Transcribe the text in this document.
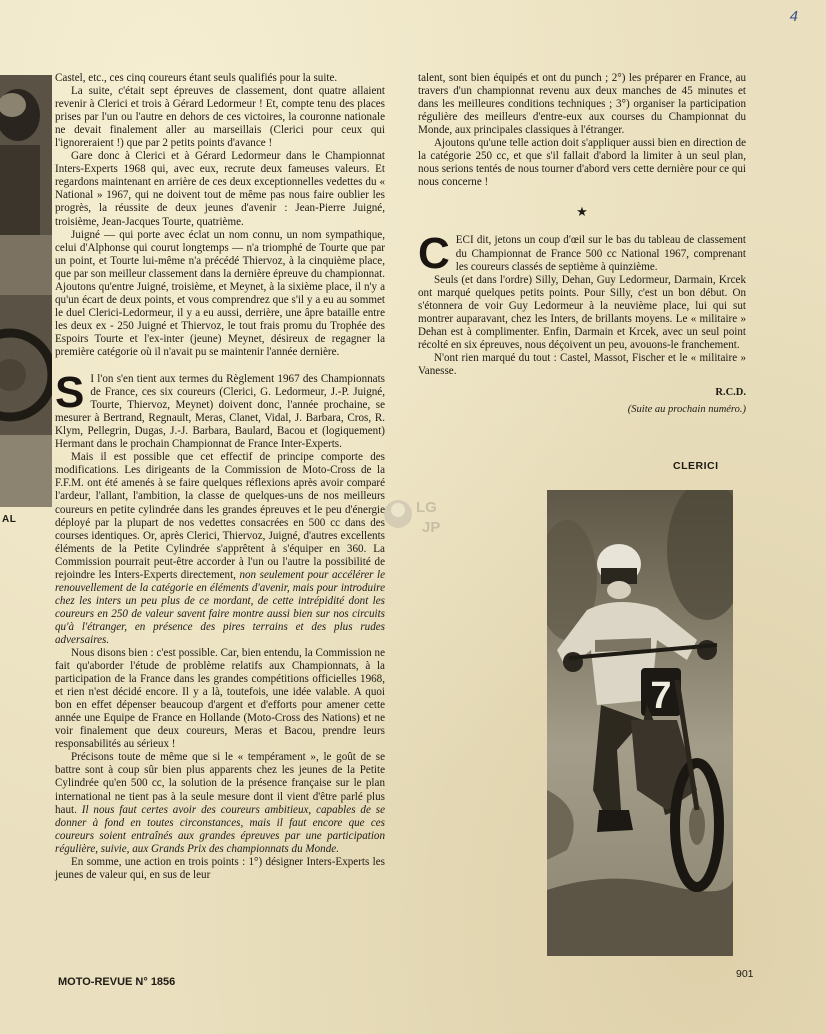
4
AL

Castel, etc., ces cinq coureurs étant seuls qualifiés pour la suite.

La suite, c'était sept épreuves de classement, dont quatre allaient revenir à Clerici et trois à Gérard Ledormeur ! Et, compte tenu des places prises par l'un ou l'autre en dehors de ces victoires, la couronne nationale ne devait finalement aller au marseillais (Clerici pour ceux qui l'ignoreraient !) que par 2 petits points d'avance !

Gare donc à Clerici et à Gérard Ledormeur dans le Championnat Inters-Experts 1968 qui, avec eux, recrute deux fameuses valeurs. Et regardons maintenant en arrière de ces deux exceptionnelles vedettes du « National » 1967, qui ne doivent tout de même pas nous faire oublier les progrès, la réussite de deux jeunes d'avenir : Jean-Pierre Juigné, troisième, Jean-Jacques Tourte, quatrième.

Juigné — qui porte avec éclat un nom connu, un nom sympathique, celui d'Alphonse qui courut longtemps — n'a triomphé de Tourte que par un point, et Tourte lui-même n'a précédé Thiervoz, à la cinquième place, que par son meilleur classement dans la dernière épreuve du championnat. Ajoutons qu'entre Juigné, troisième, et Meynet, à la sixième place, il n'y a qu'un écart de deux points, et vous comprendrez que s'il y a eu au sommet le duel Clerici-Ledormeur, il y a eu aussi, derrière, une âpre bataille entre les deux ex - 250 Juigné et Thiervoz, le tout frais promu du Trophée des Espoirs Tourte et l'ex-inter (jeune) Meynet, désireux de regagner la première catégorie où il n'avait pu se maintenir l'année dernière.

S I l'on s'en tient aux termes du Règlement 1967 des Championnats de France, ces six coureurs (Clerici, G. Ledormeur, J.-P. Juigné, Tourte, Thiervoz, Meynet) doivent donc, l'année prochaine, se mesurer à Bertrand, Regnault, Meras, Clanet, Vidal, J. Barbara, Cros, R. Klym, Pellegrin, Dugas, J.-J. Barbara, Baulard, Bacou et (logiquement) Hermant dans le prochain Championnat de France Inter-Experts.

Mais il est possible que cet effectif de principe comporte des modifications. Les dirigeants de la Commission de Moto-Cross de la F.F.M. ont été amenés à se faire quelques réflexions après avoir comparé l'ardeur, l'allant, l'ambition, la classe de quelques-uns de nos meilleurs coureurs en petite cylindrée dans les grandes épreuves et le peu d'énergie déployé par la plupart de nos vedettes consacrées en 500 cc dans des courses identiques. Or, après Clerici, Thiervoz, Juigné, d'autres excellents éléments de la Petite Cylindrée s'apprêtent à s'équiper en 360. La Commission pourrait peut-être accorder à l'un ou l'autre la possibilité de rejoindre les Inters-Experts directement, non seulement pour accélérer le renouvellement de la catégorie en éléments d'avenir, mais pour introduire chez les inters un peu plus de ce mordant, de cette intrépidité dont les coureurs en 250 de valeur savent faire montre aussi bien sur nos circuits qu'à l'étranger, en présence des pires terrains et des plus rudes adversaires.

Nous disons bien : c'est possible. Car, bien entendu, la Commission ne fait qu'aborder l'étude de problème relatifs aux Championnats, à la participation de la France dans les grandes compétitions officielles 1968, et rien n'est décidé encore. Il y a là, toutefois, une idée valable. A quoi bon en effet dépenser beaucoup d'argent et d'efforts pour amener cette année une Equipe de France en Hollande (Moto-Cross des Nations) et ne voir finalement que deux coureurs, Meras et Bacou, prendre leurs responsabilités au sérieux !

Précisons toute de même que si le « tempérament », le goût de se battre sont à coup sûr bien plus apparents chez les jeunes de la Petite Cylindrée qu'en 500 cc, la solution de la présence française sur le plan international ne tient pas à la seule mesure dont il vient d'être parlé plus haut. Il nous faut certes avoir des coureurs ambitieux, capables de se donner à fond en toutes circonstances, mais il faut encore que ces coureurs soient entraînés aux grandes épreuves par une participation régulière, suivie, aux Grands Prix des championnats du Monde.

En somme, une action en trois points : 1°) désigner Inters-Experts les jeunes de valeur qui, en sus de leur

talent, sont bien équipés et ont du punch ; 2°) les préparer en France, au travers d'un championnat revenu aux deux manches de 45 minutes et dans les meilleures conditions techniques ; 3°) organiser la participation régulière des meilleurs d'entre-eux aux courses du Championnat du Monde, aux principales classiques à l'étranger.

Ajoutons qu'une telle action doit s'appliquer aussi bien en direction de la catégorie 250 cc, et que s'il fallait d'abord la limiter à un seul plan, nous serions tentés de nous tourner d'abord vers cette dernière pour ce qui nous concerne !

★

CECI dit, jetons un coup d'œil sur le bas du tableau de classement du Championnat de France 500 cc National 1967, comprenant les coureurs classés de septième à quinzième.

Seuls (et dans l'ordre) Silly, Dehan, Guy Ledormeur, Darmain, Krcek ont marqué quelques petits points. Pour Silly, c'est un bon début. On s'étonnera de voir Guy Ledormeur à la neuvième place, lui qui sut montrer auparavant, chez les Inters, de brillants moyens. Le « militaire » Dehan est à complimenter. Enfin, Darmain et Krcek, avec un seul point récolté en six épreuves, nous déçoivent un peu, avouons-le franchement.

N'ont rien marqué du tout : Castel, Massot, Fischer et le « militaire » Vanesse.

R.C.D.
(Suite au prochain numéro.)
LG
JP
CLERICI
7
MOTO-REVUE N° 1856
901
